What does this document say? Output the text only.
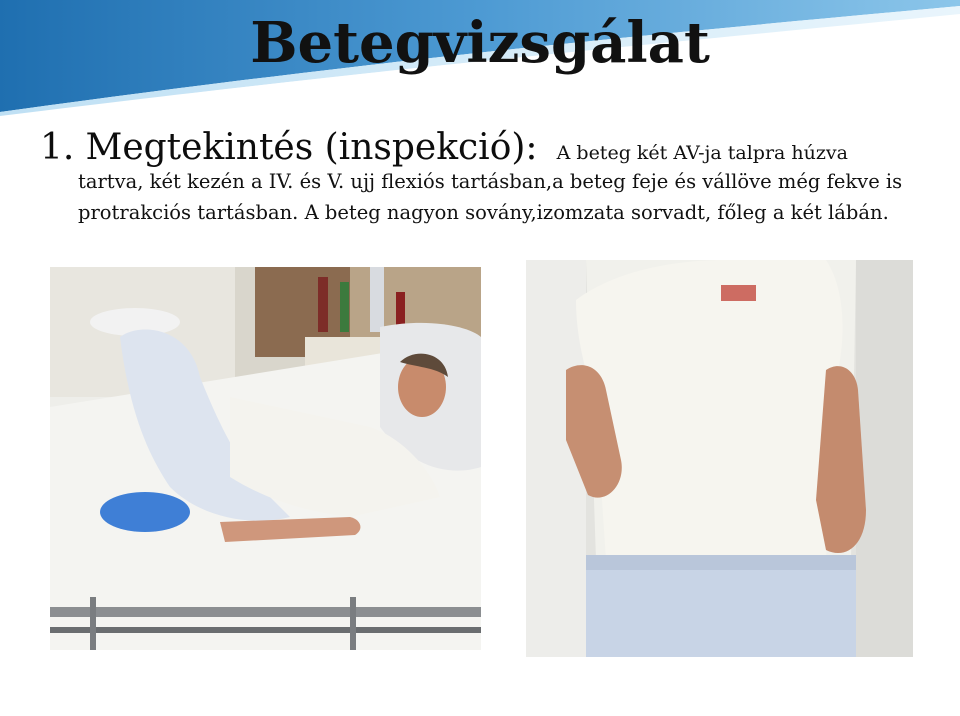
Betegvizsgálat
1. Megtekintés (inspekció): A beteg két AV-ja talpra húzva
tartva, két kezén a IV. és V. ujj flexiós tartásban,a beteg feje és vállöve még fekve is protrakciós tartásban. A beteg nagyon sovány,izomzata sorvadt, főleg a két lábán.
